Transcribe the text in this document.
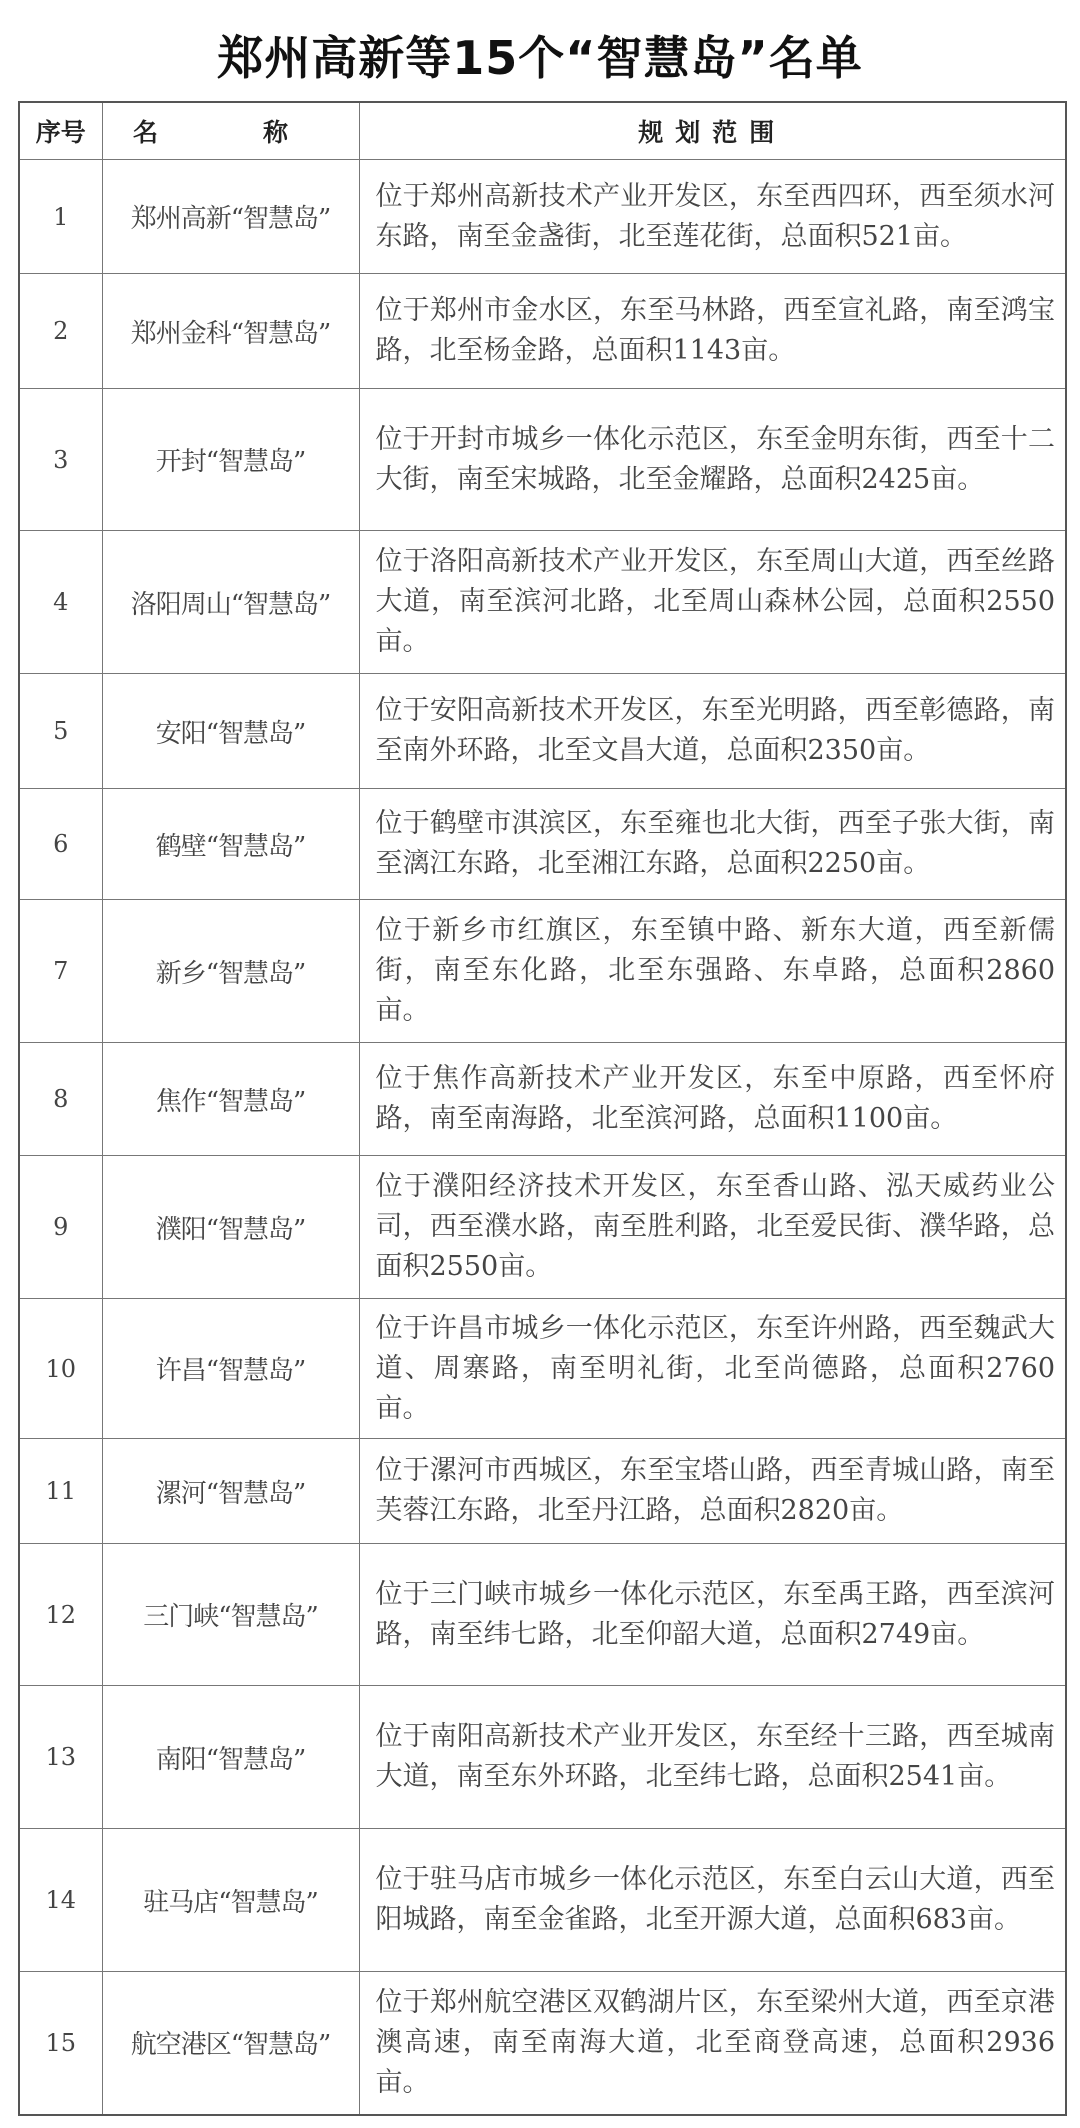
郑州高新等15个“智慧岛”名单
序号	名　称	规划范围
1	郑州高新“智慧岛”	位于郑州高新技术产业开发区，东至西四环，西至须水河东路，南至金盏街，北至莲花街，总面积521亩。
2	郑州金科“智慧岛”	位于郑州市金水区，东至马林路，西至宣礼路，南至鸿宝路，北至杨金路，总面积1143亩。
3	开封“智慧岛”	位于开封市城乡一体化示范区，东至金明东街，西至十二大街，南至宋城路，北至金耀路，总面积2425亩。
4	洛阳周山“智慧岛”	位于洛阳高新技术产业开发区，东至周山大道，西至丝路大道，南至滨河北路，北至周山森林公园，总面积2550亩。
5	安阳“智慧岛”	位于安阳高新技术开发区，东至光明路，西至彰德路，南至南外环路，北至文昌大道，总面积2350亩。
6	鹤壁“智慧岛”	位于鹤壁市淇滨区，东至雍也北大街，西至子张大街，南至漓江东路，北至湘江东路，总面积2250亩。
7	新乡“智慧岛”	位于新乡市红旗区，东至镇中路、新东大道，西至新儒街，南至东化路，北至东强路、东卓路，总面积2860亩。
8	焦作“智慧岛”	位于焦作高新技术产业开发区，东至中原路，西至怀府路，南至南海路，北至滨河路，总面积1100亩。
9	濮阳“智慧岛”	位于濮阳经济技术开发区，东至香山路、泓天威药业公司，西至濮水路，南至胜利路，北至爱民街、濮华路，总面积2550亩。
10	许昌“智慧岛”	位于许昌市城乡一体化示范区，东至许州路，西至魏武大道、周寨路，南至明礼街，北至尚德路，总面积2760亩。
11	漯河“智慧岛”	位于漯河市西城区，东至宝塔山路，西至青城山路，南至芙蓉江东路，北至丹江路，总面积2820亩。
12	三门峡“智慧岛”	位于三门峡市城乡一体化示范区，东至禹王路，西至滨河路，南至纬七路，北至仰韶大道，总面积2749亩。
13	南阳“智慧岛”	位于南阳高新技术产业开发区，东至经十三路，西至城南大道，南至东外环路，北至纬七路，总面积2541亩。
14	驻马店“智慧岛”	位于驻马店市城乡一体化示范区，东至白云山大道，西至阳城路，南至金雀路，北至开源大道，总面积683亩。
15	航空港区“智慧岛”	位于郑州航空港区双鹤湖片区，东至梁州大道，西至京港澳高速，南至南海大道，北至商登高速，总面积2936亩。
